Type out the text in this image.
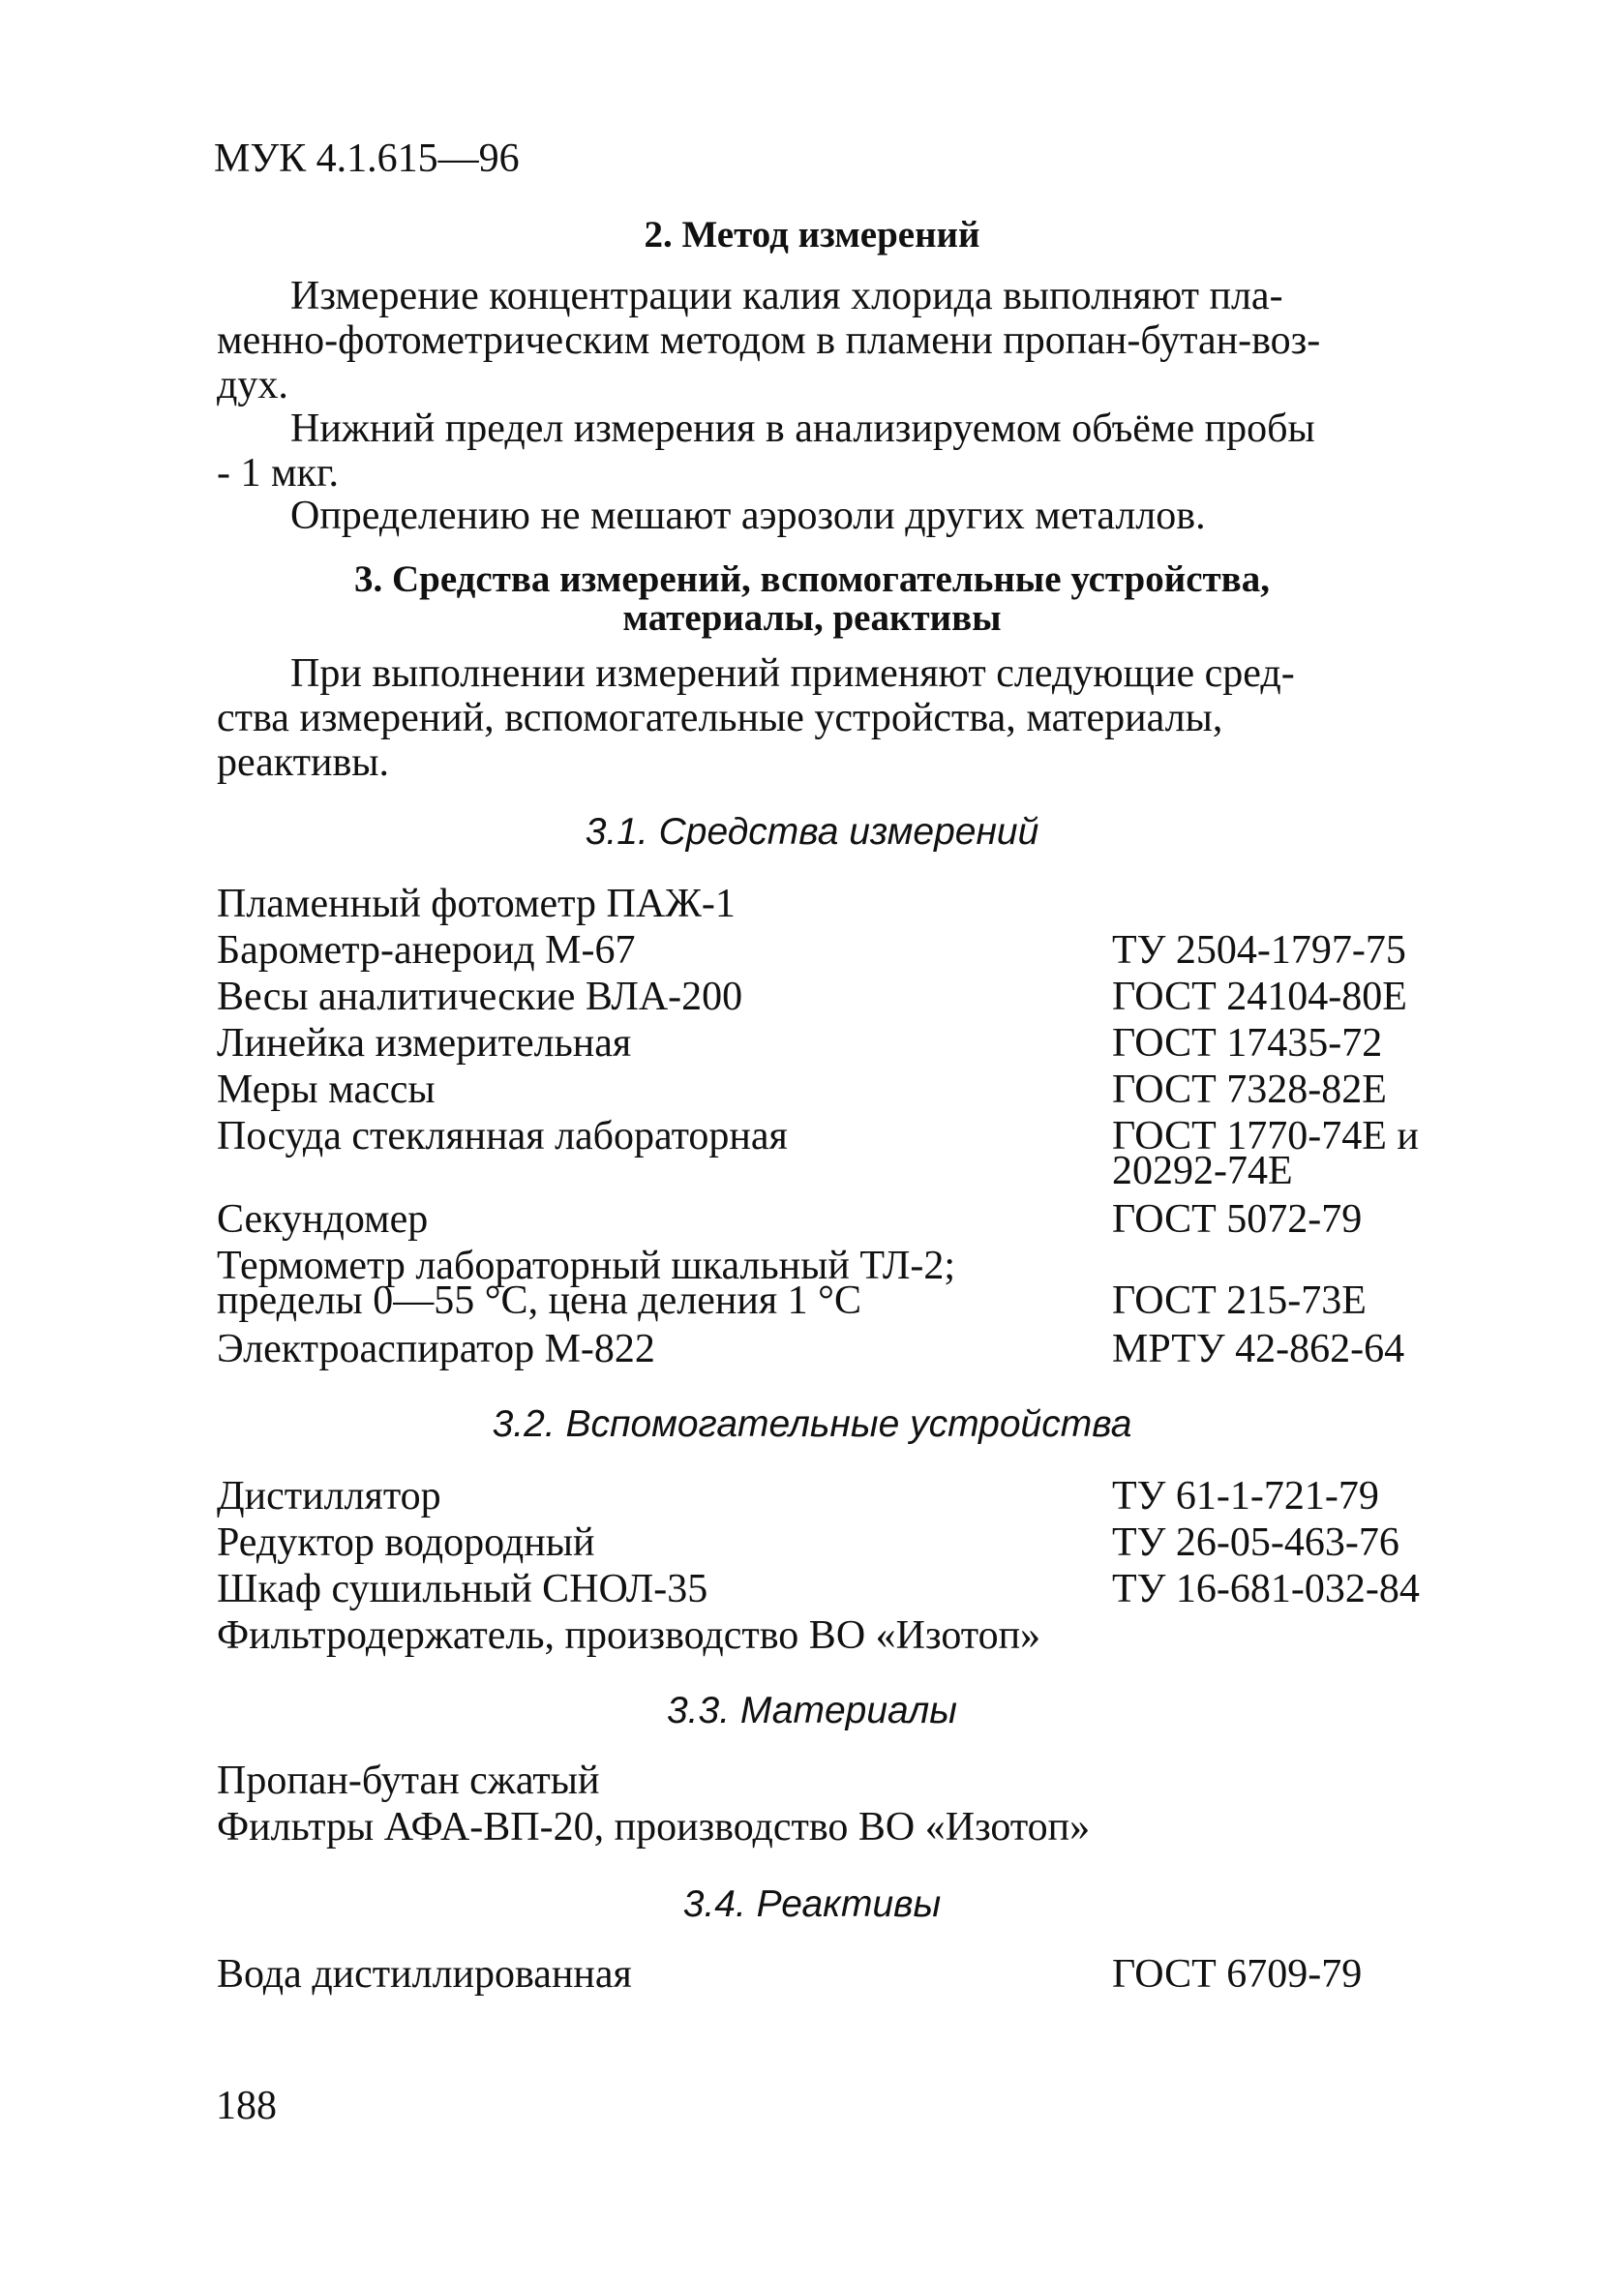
МУК 4.1.615—96
2. Метод измерений
Измерение концентрации калия хлорида выполняют пла-
менно-фотометрическим методом в пламени пропан-бутан-воз-
дух.
Нижний предел измерения в анализируемом объёме пробы
- 1 мкг.
Определению не мешают аэрозоли других металлов.
3. Средства измерений, вспомогательные устройства,
материалы, реактивы
При выполнении измерений применяют следующие сред-
ства измерений, вспомогательные устройства, материалы,
реактивы.
3.1. Средства измерений
Пламенный фотометр ПАЖ-1
Барометр-анероид М-67	ТУ 2504-1797-75
Весы аналитические ВЛА-200	ГОСТ 24104-80Е
Линейка измерительная	ГОСТ 17435-72
Меры массы	ГОСТ 7328-82Е
Посуда стеклянная лабораторная	ГОСТ 1770-74Е и
20292-74Е
Секундомер	ГОСТ 5072-79
Термометр лабораторный шкальный ТЛ-2;
пределы 0—55 °С, цена деления 1 °С	ГОСТ 215-73Е
Электроаспиратор М-822	МРТУ 42-862-64
3.2. Вспомогательные устройства
Дистиллятор	ТУ 61-1-721-79
Редуктор водородный	ТУ 26-05-463-76
Шкаф сушильный СНОЛ-35	ТУ 16-681-032-84
Фильтродержатель, производство ВО «Изотоп»
3.3. Материалы
Пропан-бутан сжатый
Фильтры АФА-ВП-20, производство ВО «Изотоп»
3.4. Реактивы
Вода дистиллированная	ГОСТ 6709-79
188
